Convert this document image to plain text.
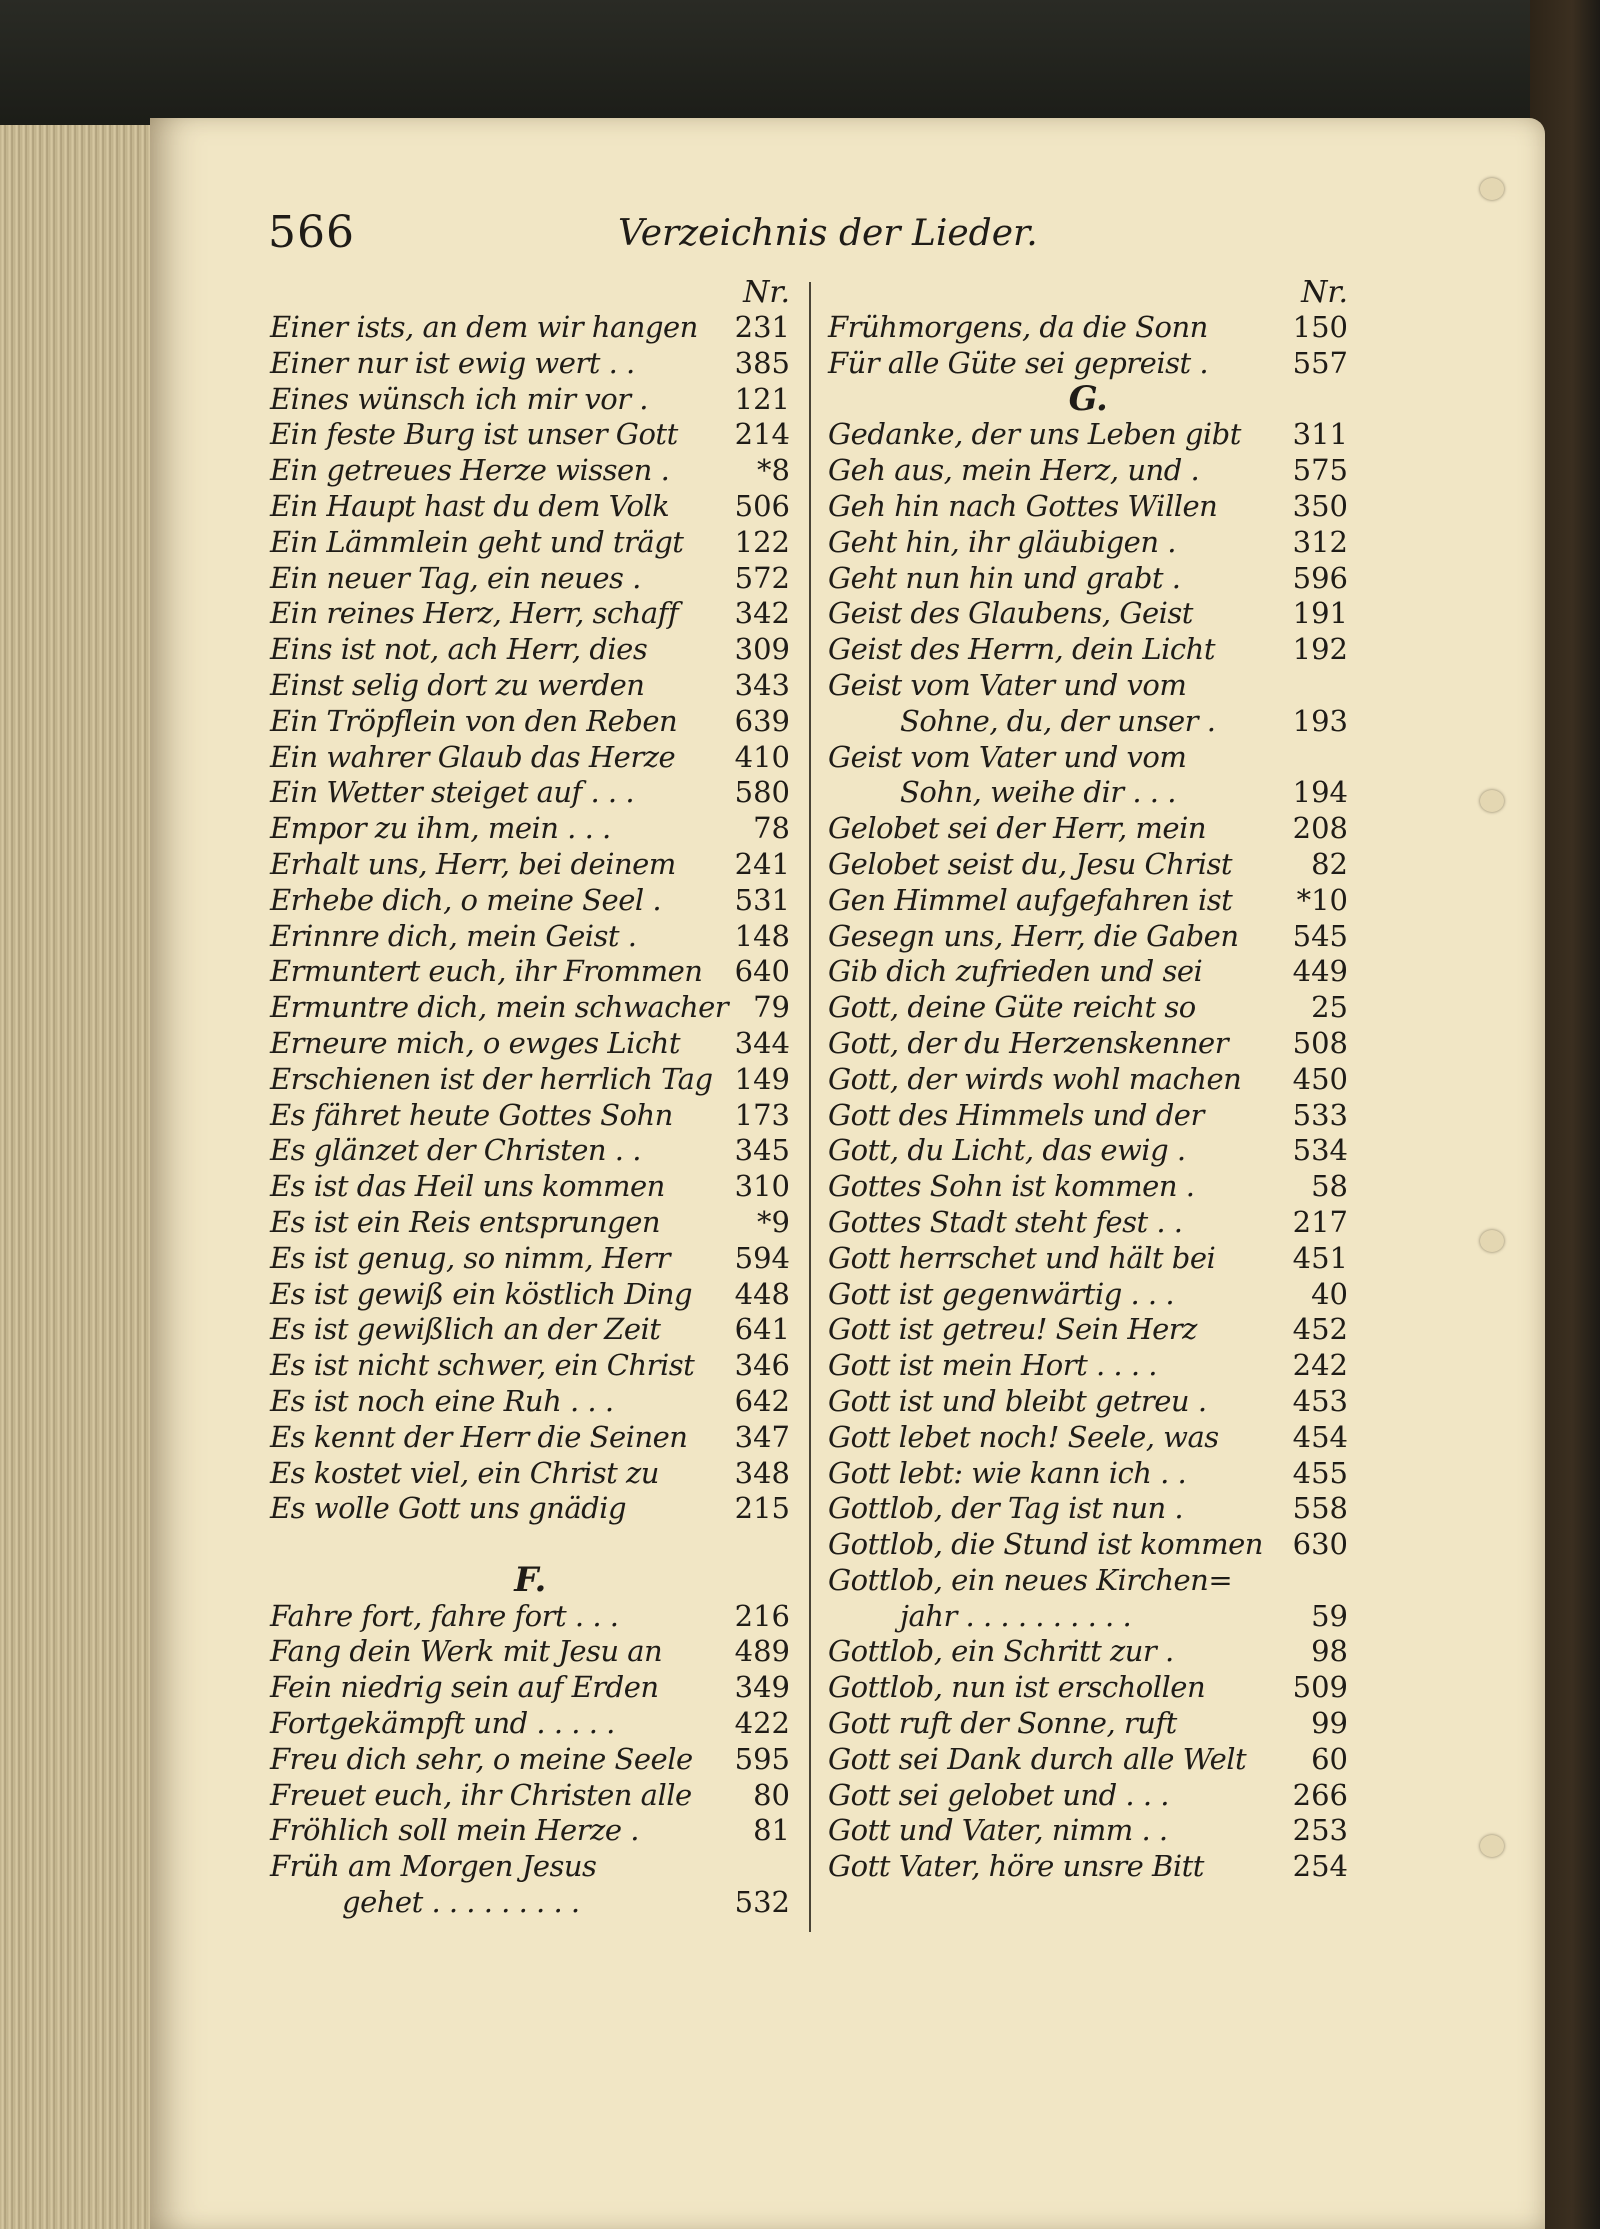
566	Verzeichnis der Lieder.
Nr.
Einer ists, an dem wir hangen	231
Einer nur ist ewig wert . .	385
Eines wünsch ich mir vor .	121
Ein feste Burg ist unser Gott	214
Ein getreues Herze wissen .	*8
Ein Haupt hast du dem Volk	506
Ein Lämmlein geht und trägt	122
Ein neuer Tag, ein neues .	572
Ein reines Herz, Herr, schaff	342
Eins ist not, ach Herr, dies	309
Einst selig dort zu werden	343
Ein Tröpflein von den Reben	639
Ein wahrer Glaub das Herze	410
Ein Wetter steiget auf . . .	580
Empor zu ihm, mein . . .	78
Erhalt uns, Herr, bei deinem	241
Erhebe dich, o meine Seel .	531
Erinnre dich, mein Geist .	148
Ermuntert euch, ihr Frommen	640
Ermuntre dich, mein schwacher 79
Erneure mich, o ewges Licht	344
Erschienen ist der herrlich Tag 149
Es fähret heute Gottes Sohn	173
Es glänzet der Christen . .	345
Es ist das Heil uns kommen	310
Es ist ein Reis entsprungen	*9
Es ist genug, so nimm, Herr	594
Es ist gewiß ein köstlich Ding	448
Es ist gewißlich an der Zeit	641
Es ist nicht schwer, ein Christ	346
Es ist noch eine Ruh . . .	642
Es kennt der Herr die Seinen	347
Es kostet viel, ein Christ zu	348
Es wolle Gott uns gnädig	215
F.
Fahre fort, fahre fort . . .	216
Fang dein Werk mit Jesu an	489
Fein niedrig sein auf Erden	349
Fortgekämpft und . . . . .	422
Freu dich sehr, o meine Seele	595
Freuet euch, ihr Christen alle	80
Fröhlich soll mein Herze .	81
Früh am Morgen Jesus
gehet . . . . . . . . .	532
Nr.
Frühmorgens, da die Sonn	150
Für alle Güte sei gepreist .	557
G.
Gedanke, der uns Leben gibt	311
Geh aus, mein Herz, und .	575
Geh hin nach Gottes Willen	350
Geht hin, ihr gläubigen .	312
Geht nun hin und grabt .	596
Geist des Glaubens, Geist	191
Geist des Herrn, dein Licht	192
Geist vom Vater und vom
Sohne, du, der unser .	193
Geist vom Vater und vom
Sohn, weihe dir . . .	194
Gelobet sei der Herr, mein	208
Gelobet seist du, Jesu Christ	82
Gen Himmel aufgefahren ist	*10
Gesegn uns, Herr, die Gaben	545
Gib dich zufrieden und sei	449
Gott, deine Güte reicht so	25
Gott, der du Herzenskenner	508
Gott, der wirds wohl machen	450
Gott des Himmels und der	533
Gott, du Licht, das ewig .	534
Gottes Sohn ist kommen .	58
Gottes Stadt steht fest . .	217
Gott herrschet und hält bei	451
Gott ist gegenwärtig . . .	40
Gott ist getreu! Sein Herz	452
Gott ist mein Hort . . . .	242
Gott ist und bleibt getreu .	453
Gott lebet noch! Seele, was	454
Gott lebt: wie kann ich . .	455
Gottlob, der Tag ist nun .	558
Gottlob, die Stund ist kommen	630
Gottlob, ein neues Kirchen=
jahr . . . . . . . . . .	59
Gottlob, ein Schritt zur .	98
Gottlob, nun ist erschollen	509
Gott ruft der Sonne, ruft	99
Gott sei Dank durch alle Welt	60
Gott sei gelobet und . . .	266
Gott und Vater, nimm . .	253
Gott Vater, höre unsre Bitt	254
